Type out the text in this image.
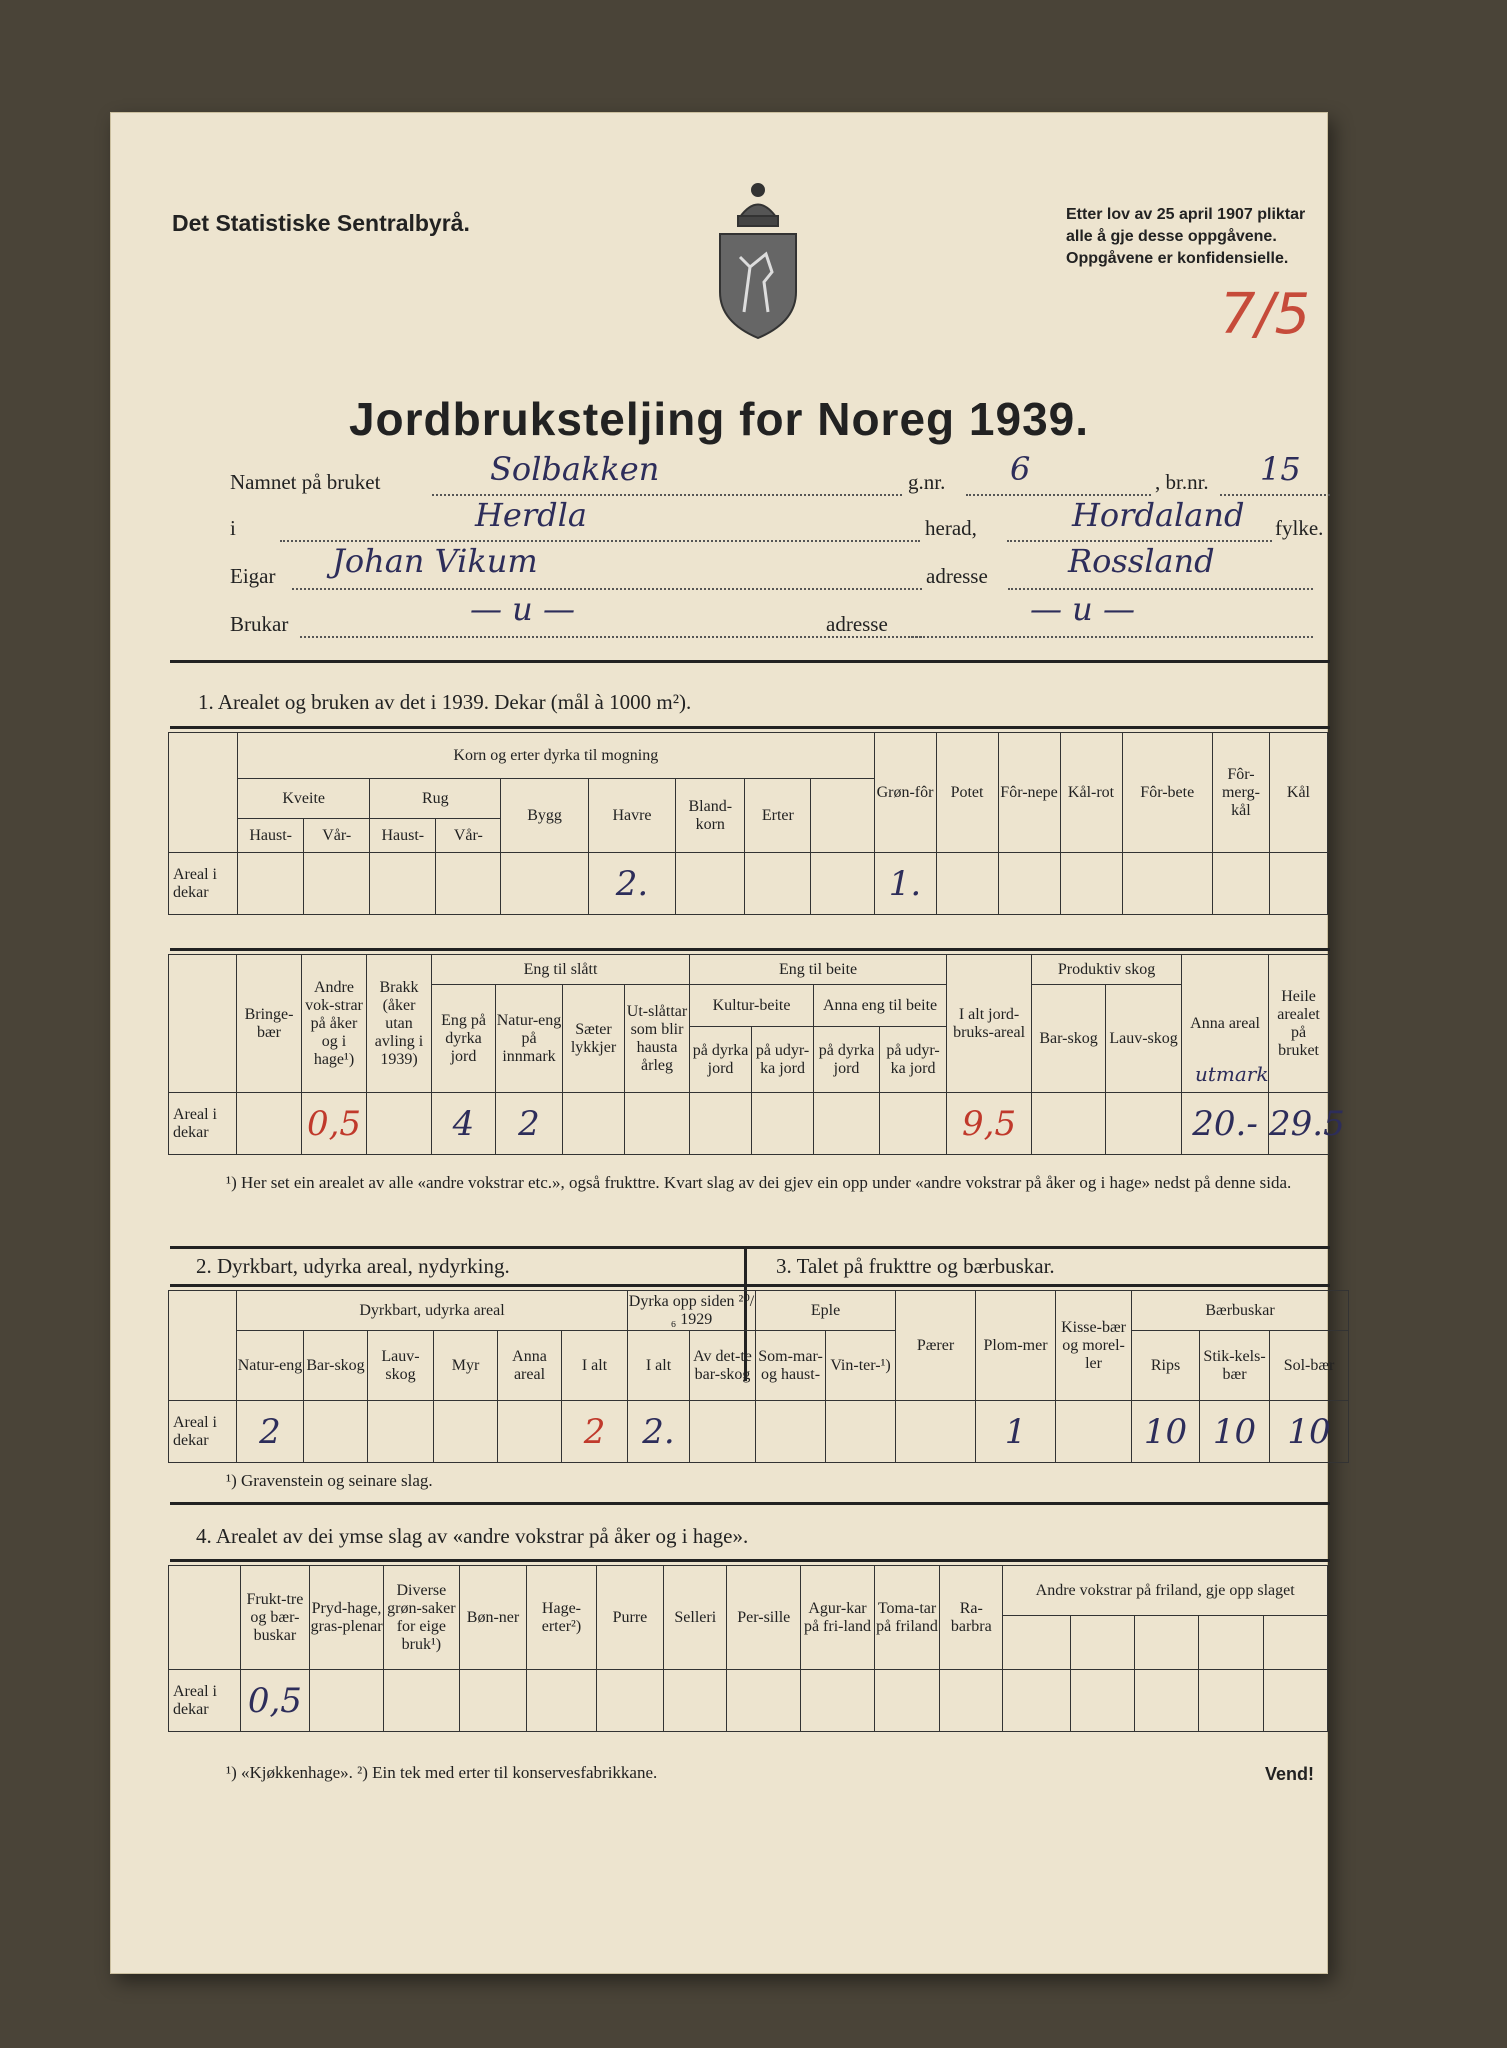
Det Statistiske Sentralbyrå.	Etter lov av 25 april 1907 pliktar
alle å gje desse oppgåvene.
Oppgåvene er konfidensielle.
7/5
Jordbruksteljing for Noreg 1939.
Namnet på bruket	Solbakken	g.nr. 6	, br.nr. 15
i	Herdla	herad,	Hordaland fylke.
Eigar Johan Vikum	adresse	Rossland
Brukar	— u —	adresse	— u —
1. Arealet og bruken av det i 1939. Dekar (mål à 1000 m²).
	Korn og erter dyrka til mogning									Grøn-fôr	Potet	Fôr-nepe	Kål-rot	Fôr-bete	Fôr-merg-kål	Kål
	Kveite		Rug		Bygg	Havre	Bland-korn	Erter								
	Haust-	Vår-	Haust-	Vår-												
Areal i dekar						2.				1.						
	Bringe-bær	Andre vok-strar på åker og i hage¹)	Brakk (åker utan avling i 1939)	Eng til slått				Eng til beite				I alt jord-bruks-areal	Produktiv skog		Anna areal	Heile arealet på bruket
				Eng på dyrka jord	Natur-eng på innmark	Sæter lykkjer	Ut-slåttar som blir hausta årleg	Kultur-beite		Anna eng til beite			Bar-skog	Lauv-skog		
								på dyrka jord	på udyr-ka jord	på dyrka jord	på udyr-ka jord					
Areal i dekar		0,5		4	2							9,5			20.-	29.5
utmark
¹) Her set ein arealet av alle «andre vokstrar etc.», også frukttre. Kvart slag av dei gjev ein opp under «andre vokstrar på åker og i hage» nedst på denne sida.
2. Dyrkbart, udyrka areal, nydyrking.	3. Talet på frukttre og bærbuskar.
	Dyrkbart, udyrka areal						Dyrka opp siden ²⁰/₆ 1929		Eple		Pærer	Plom-mer	Kisse-bær og morel-ler	Bærbuskar		
	Natur-eng	Bar-skog	Lauv-skog	Myr	Anna areal	I alt	I alt	Av det-te bar-skog	Som-mar-og haust-	Vin-ter-¹)				Rips	Stik-kels-bær	Sol-bær
Areal i dekar	2					2	2.					1		10	10	10
¹) Gravenstein og seinare slag.
4. Arealet av dei ymse slag av «andre vokstrar på åker og i hage».
	Frukt-tre og bær-buskar	Pryd-hage, gras-plenar	Diverse grøn-saker for eige bruk¹)	Bøn-ner	Hage-erter²)	Purre	Selleri	Per-sille	Agur-kar på fri-land	Toma-tar på friland	Ra-barbra	Andre vokstrar på friland, gje opp slaget				

Areal i dekar	0,5															
¹) «Kjøkkenhage». ²) Ein tek med erter til konservesfabrikkane.	Vend!
